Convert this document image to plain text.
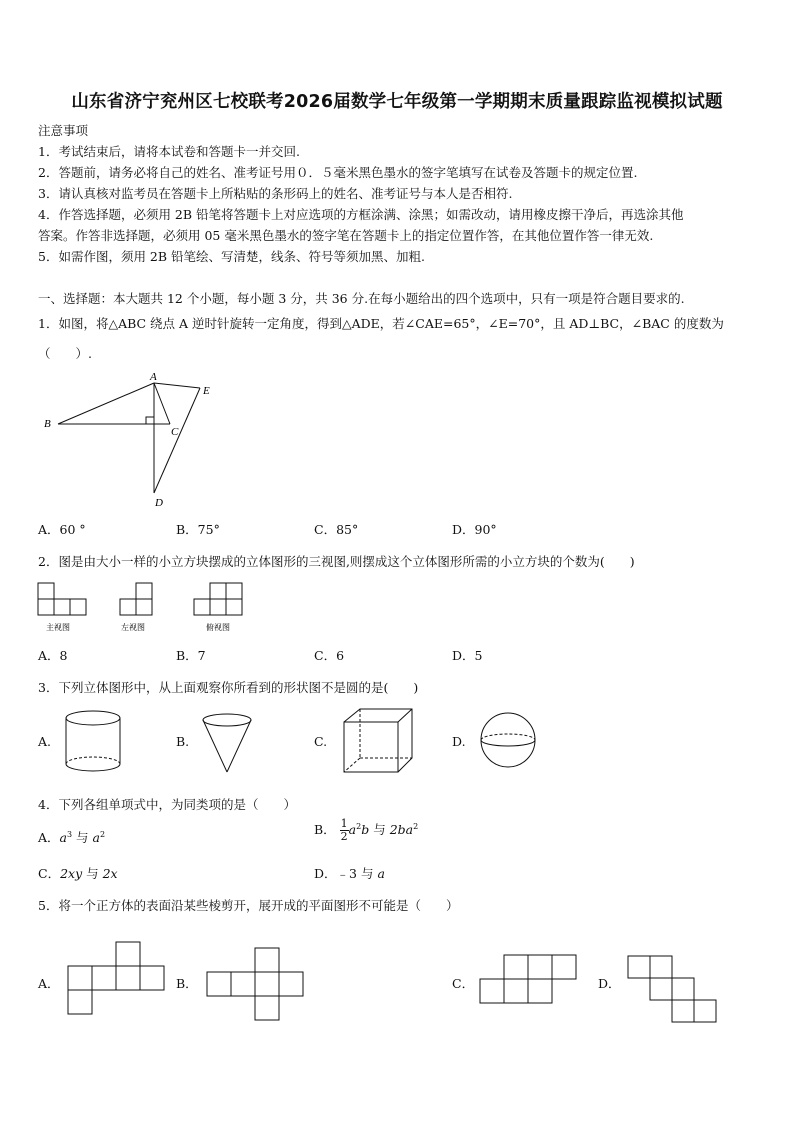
山东省济宁兖州区七校联考2026届数学七年级第一学期期末质量跟踪监视模拟试题
注意事项
1．考试结束后，请将本试卷和答题卡一并交回.
2．答题前，请务必将自己的姓名、准考证号用０．５毫米黑色墨水的签字笔填写在试卷及答题卡的规定位置.
3．请认真核对监考员在答题卡上所粘贴的条形码上的姓名、准考证号与本人是否相符.
4．作答选择题，必须用 2B 铅笔将答题卡上对应选项的方框涂满、涂黑；如需改动，请用橡皮擦干净后，再选涂其他
答案。作答非选择题，必须用 05 毫米黑色墨水的签字笔在答题卡上的指定位置作答，在其他位置作答一律无效.
5．如需作图，须用 2B 铅笔绘、写清楚，线条、符号等须加黑、加粗.
一、选择题：本大题共 12 个小题，每小题 3 分，共 36 分.在每小题给出的四个选项中，只有一项是符合题目要求的.
1．如图，将△ABC 绕点 A 逆时针旋转一定角度，得到△ADE，若∠CAE=65°，∠E=70°，且 AD⊥BC，∠BAC 的度数为
（　　）.
A
B
C
D
E
A．60 °	B．75°	C．85°	D．90°
2．图是由大小一样的小立方块摆成的立体图形的三视图,则摆成这个立体图形所需的小立方块的个数为(　　)
主视图	左视图	俯视图
A．8	B．7	C．6	D．5
3．下列立体图形中，从上面观察你所看到的形状图不是圆的是(　　)
A.	B.	C.	D.
4．下列各组单项式中，为同类项的是（　　）
A．$a^3$ 与 $a^2$	B． $\frac{1}{2} a^2b$ 与 $2ba^2$
C．2xy 与 2x	D．﹣3 与 a
5．将一个正方体的表面沿某些棱剪开，展开成的平面图形不可能是（　　）
A．	B．	C．	D．
